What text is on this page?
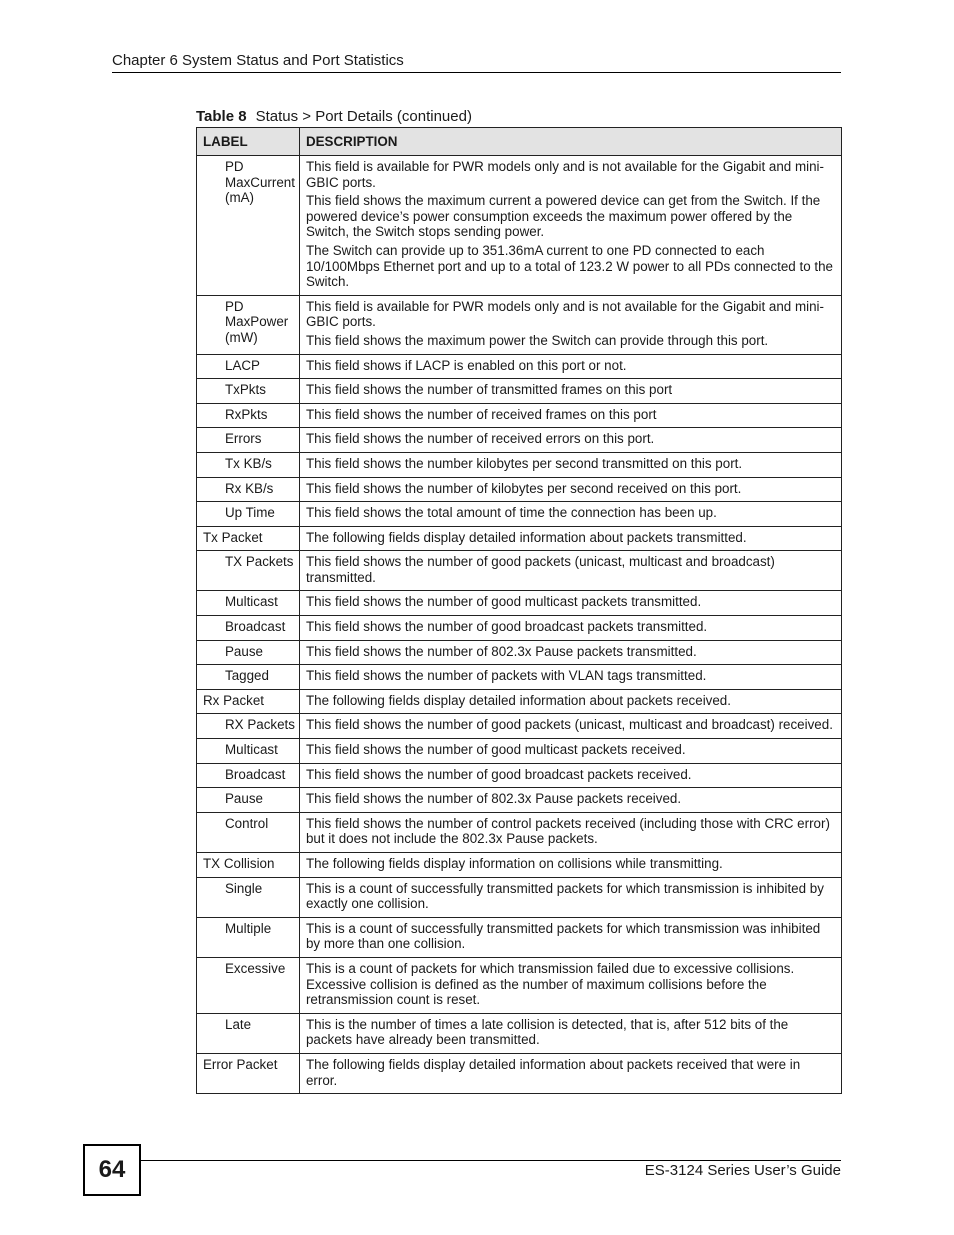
Chapter 6 System Status and Port Statistics
Table 8 Status > Port Details (continued)
LABEL	DESCRIPTION
PD MaxCurrent (mA)	This field is available for PWR models only and is not available for the Gigabit and mini-GBIC ports.

This field shows the maximum current a powered device can get from the Switch. If the powered device’s power consumption exceeds the maximum power offered by the Switch, the Switch stops sending power.

The Switch can provide up to 351.36mA current to one PD connected to each 10/100Mbps Ethernet port and up to a total of 123.2 W power to all PDs connected to the Switch.

PD MaxPower (mW)	This field is available for PWR models only and is not available for the Gigabit and mini-GBIC ports.

This field shows the maximum power the Switch can provide through this port.

LACP	This field shows if LACP is enabled on this port or not.

TxPkts	This field shows the number of transmitted frames on this port

RxPkts	This field shows the number of received frames on this port

Errors	This field shows the number of received errors on this port.

Tx KB/s	This field shows the number kilobytes per second transmitted on this port.

Rx KB/s	This field shows the number of kilobytes per second received on this port.

Up Time	This field shows the total amount of time the connection has been up.

Tx Packet	The following fields display detailed information about packets transmitted.

TX Packets	This field shows the number of good packets (unicast, multicast and broadcast) transmitted.

Multicast	This field shows the number of good multicast packets transmitted.

Broadcast	This field shows the number of good broadcast packets transmitted.

Pause	This field shows the number of 802.3x Pause packets transmitted.

Tagged	This field shows the number of packets with VLAN tags transmitted.

Rx Packet	The following fields display detailed information about packets received.

RX Packets	This field shows the number of good packets (unicast, multicast and broadcast) received.

Multicast	This field shows the number of good multicast packets received.

Broadcast	This field shows the number of good broadcast packets received.

Pause	This field shows the number of 802.3x Pause packets received.

Control	This field shows the number of control packets received (including those with CRC error) but it does not include the 802.3x Pause packets.

TX Collision	The following fields display information on collisions while transmitting.

Single	This is a count of successfully transmitted packets for which transmission is inhibited by exactly one collision.

Multiple	This is a count of successfully transmitted packets for which transmission was inhibited by more than one collision.

Excessive	This is a count of packets for which transmission failed due to excessive collisions. Excessive collision is defined as the number of maximum collisions before the retransmission count is reset.

Late	This is the number of times a late collision is detected, that is, after 512 bits of the packets have already been transmitted.

Error Packet	The following fields display detailed information about packets received that were in error.

64	ES-3124 Series User’s Guide
